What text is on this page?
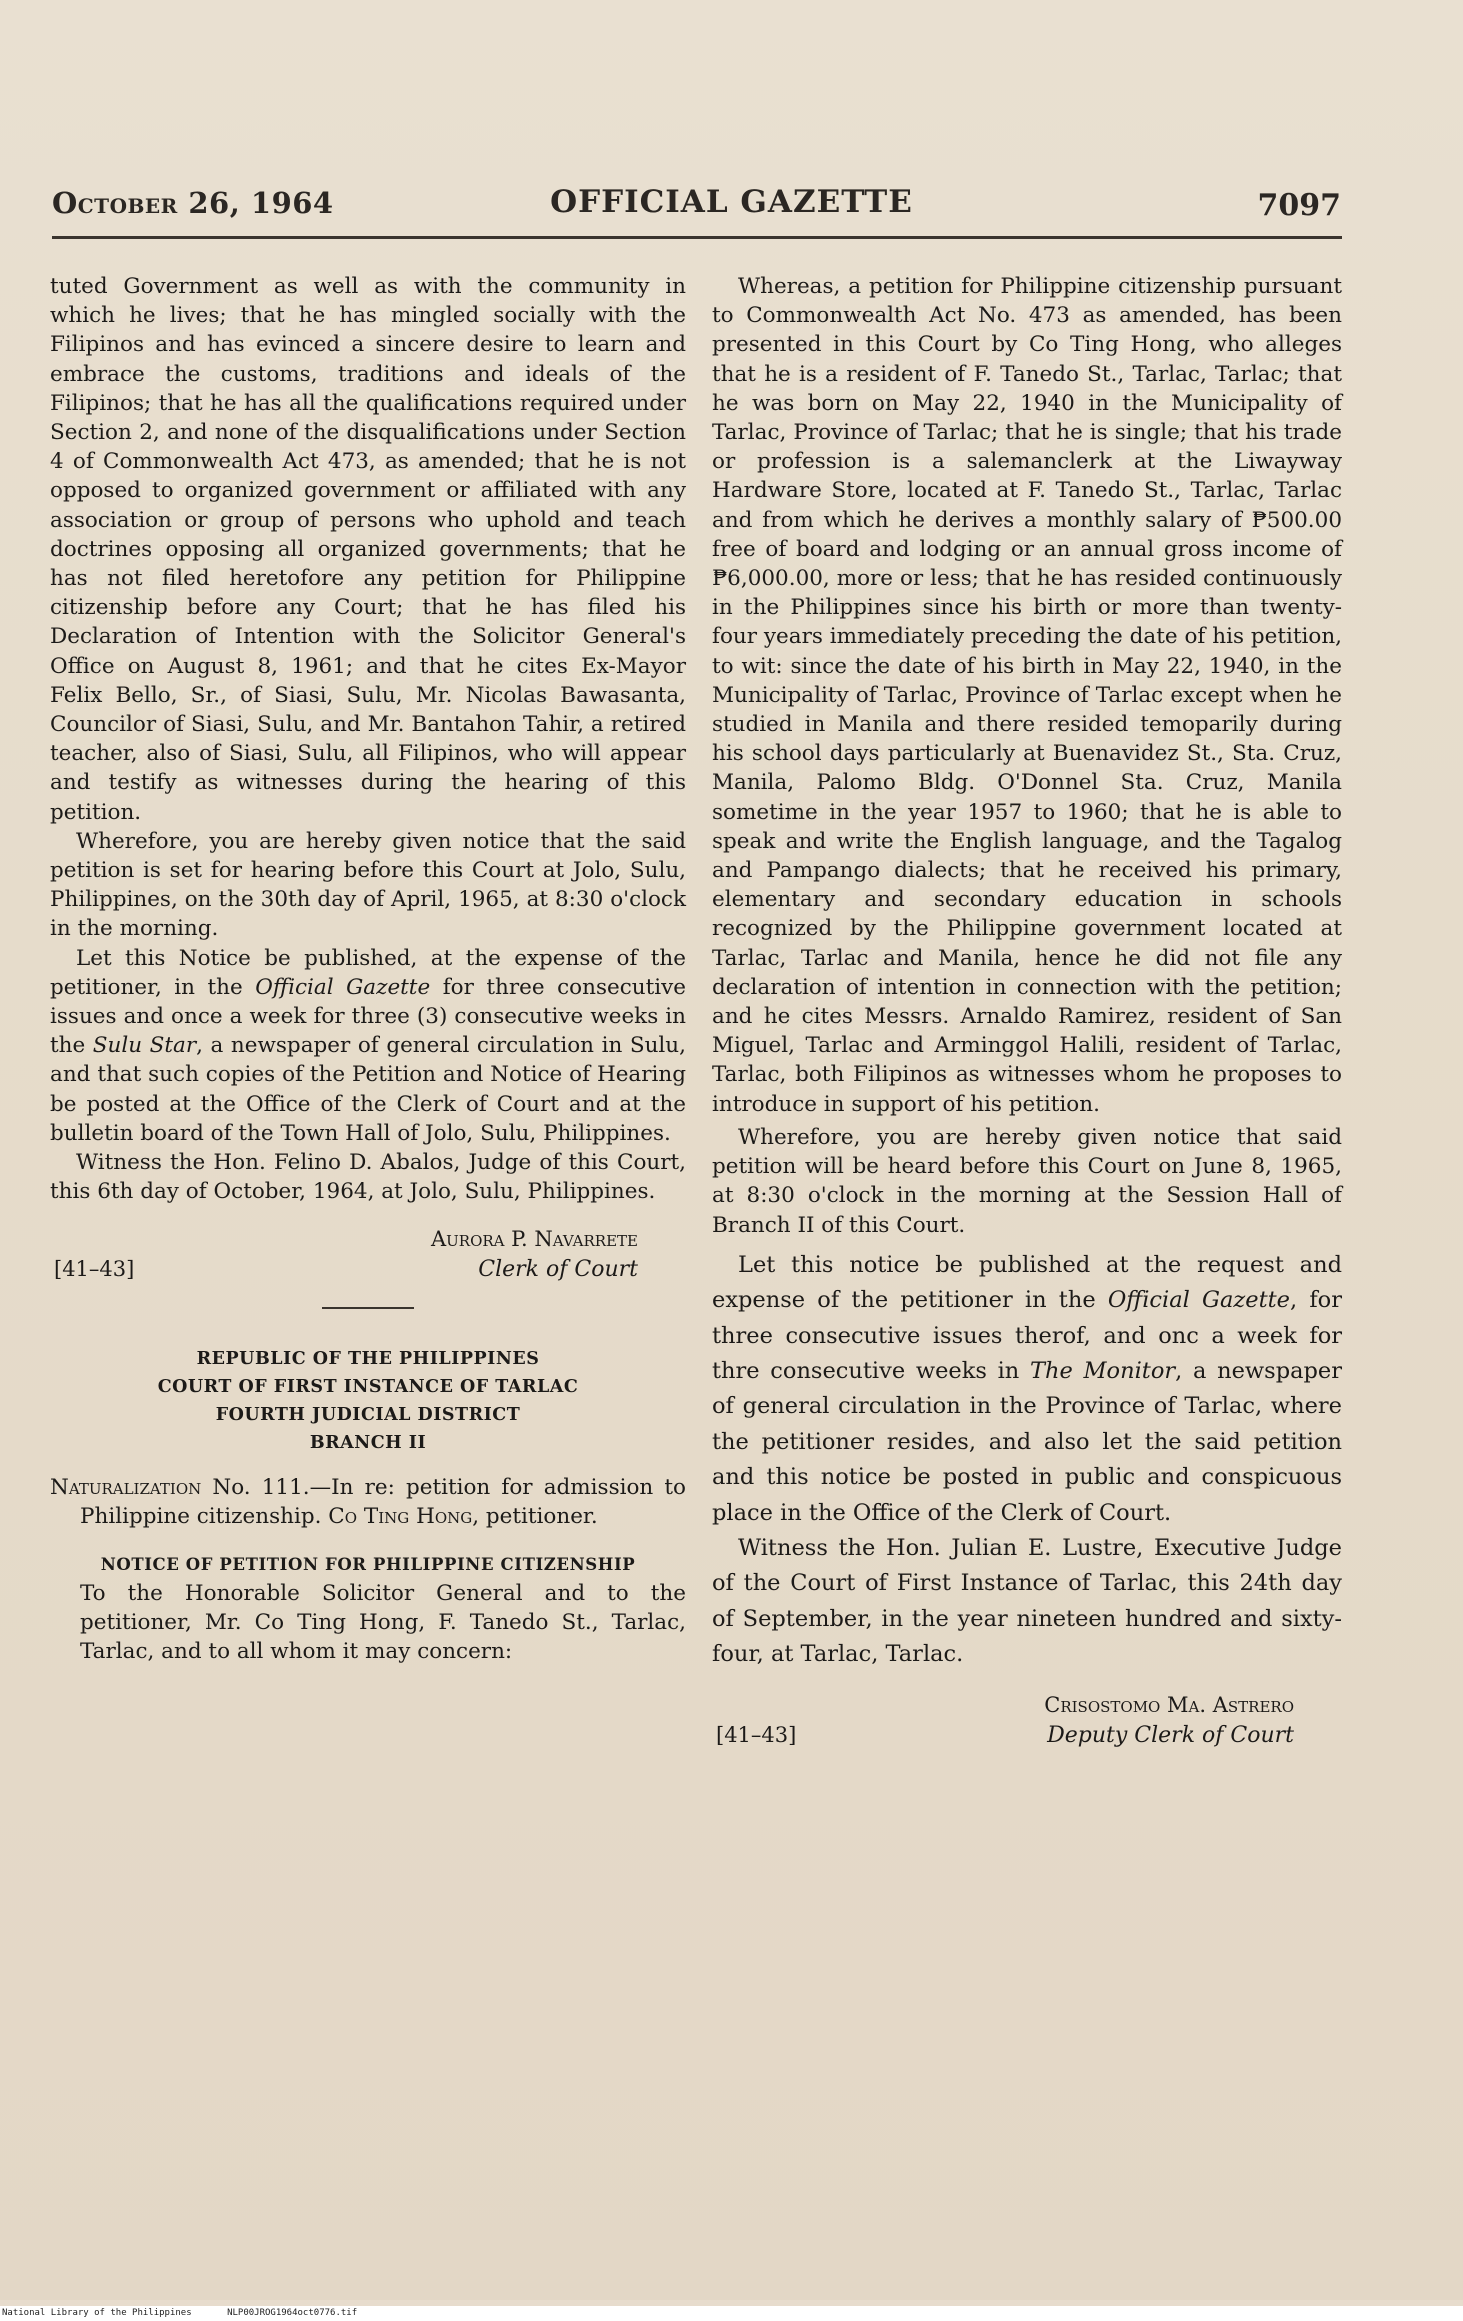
October 26, 1964	OFFICIAL GAZETTE	7097

tuted Government as well as with the community in which he lives; that he has mingled socially with the Filipinos and has evinced a sincere desire to learn and embrace the customs, traditions and ideals of the Filipinos; that he has all the qualifications required under Section 2, and none of the disqualifications under Section 4 of Commonwealth Act 473, as amended; that he is not opposed to organized government or affiliated with any association or group of persons who uphold and teach doctrines opposing all organized governments; that he has not filed heretofore any petition for Philippine citizenship before any Court; that he has filed his Declaration of Intention with the Solicitor General's Office on August 8, 1961; and that he cites Ex-Mayor Felix Bello, Sr., of Siasi, Sulu, Mr. Nicolas Bawasanta, Councilor of Siasi, Sulu, and Mr. Bantahon Tahir, a retired teacher, also of Siasi, Sulu, all Filipinos, who will appear and testify as witnesses during the hearing of this petition.

Wherefore, you are hereby given notice that the said petition is set for hearing before this Court at Jolo, Sulu, Philippines, on the 30th day of April, 1965, at 8:30 o'clock in the morning.

Let this Notice be published, at the expense of the petitioner, in the Official Gazette for three consecutive issues and once a week for three (3) consecutive weeks in the Sulu Star, a newspaper of general circulation in Sulu, and that such copies of the Petition and Notice of Hearing be posted at the Office of the Clerk of Court and at the bulletin board of the Town Hall of Jolo, Sulu, Philippines.

Witness the Hon. Felino D. Abalos, Judge of this Court, this 6th day of October, 1964, at Jolo, Sulu, Philippines.

Aurora P. Navarrete
[41–43]	Clerk of Court
REPUBLIC OF THE PHILIPPINES
COURT OF FIRST INSTANCE OF TARLAC
FOURTH JUDICIAL DISTRICT
BRANCH II
Naturalization No. 111.—In re: petition for admission to Philippine citizenship. Co Ting Hong, petitioner.
NOTICE OF PETITION FOR PHILIPPINE CITIZENSHIP

To the Honorable Solicitor General and to the petitioner, Mr. Co Ting Hong, F. Tanedo St., Tarlac, Tarlac, and to all whom it may concern:

Whereas, a petition for Philippine citizenship pursuant to Commonwealth Act No. 473 as amended, has been presented in this Court by Co Ting Hong, who alleges that he is a resident of F. Tanedo St., Tarlac, Tarlac; that he was born on May 22, 1940 in the Municipality of Tarlac, Province of Tarlac; that he is single; that his trade or profession is a salemanclerk at the Liwayway Hardware Store, located at F. Tanedo St., Tarlac, Tarlac and from which he derives a monthly salary of ₱500.00 free of board and lodging or an annual gross income of ₱6,000.00, more or less; that he has resided continuously in the Philippines since his birth or more than twenty-four years immediately preceding the date of his petition, to wit: since the date of his birth in May 22, 1940, in the Municipality of Tarlac, Province of Tarlac except when he studied in Manila and there resided temoparily during his school days particularly at Buenavidez St., Sta. Cruz, Manila, Palomo Bldg. O'Donnel Sta. Cruz, Manila sometime in the year 1957 to 1960; that he is able to speak and write the English language, and the Tagalog and Pampango dialects; that he received his primary, elementary and secondary education in schools recognized by the Philippine government located at Tarlac, Tarlac and Manila, hence he did not file any declaration of intention in connection with the petition; and he cites Messrs. Arnaldo Ramirez, resident of San Miguel, Tarlac and Arminggol Halili, resident of Tarlac, Tarlac, both Filipinos as witnesses whom he proposes to introduce in support of his petition.

Wherefore, you are hereby given notice that said petition will be heard before this Court on June 8, 1965, at 8:30 o'clock in the morning at the Session Hall of Branch II of this Court.

Let this notice be published at the request and expense of the petitioner in the Official Gazette, for three consecutive issues therof, and onc a week for thre consecutive weeks in The Monitor, a newspaper of general circulation in the Province of Tarlac, where the petitioner resides, and also let the said petition and this notice be posted in public and conspicuous place in the Office of the Clerk of Court.

Witness the Hon. Julian E. Lustre, Executive Judge of the Court of First Instance of Tarlac, this 24th day of September, in the year nineteen hundred and sixty-four, at Tarlac, Tarlac.

Crisostomo Ma. Astrero
[41–43]	Deputy Clerk of Court
National Library of the Philippines	NLP00JROG1964oct0776.tif
